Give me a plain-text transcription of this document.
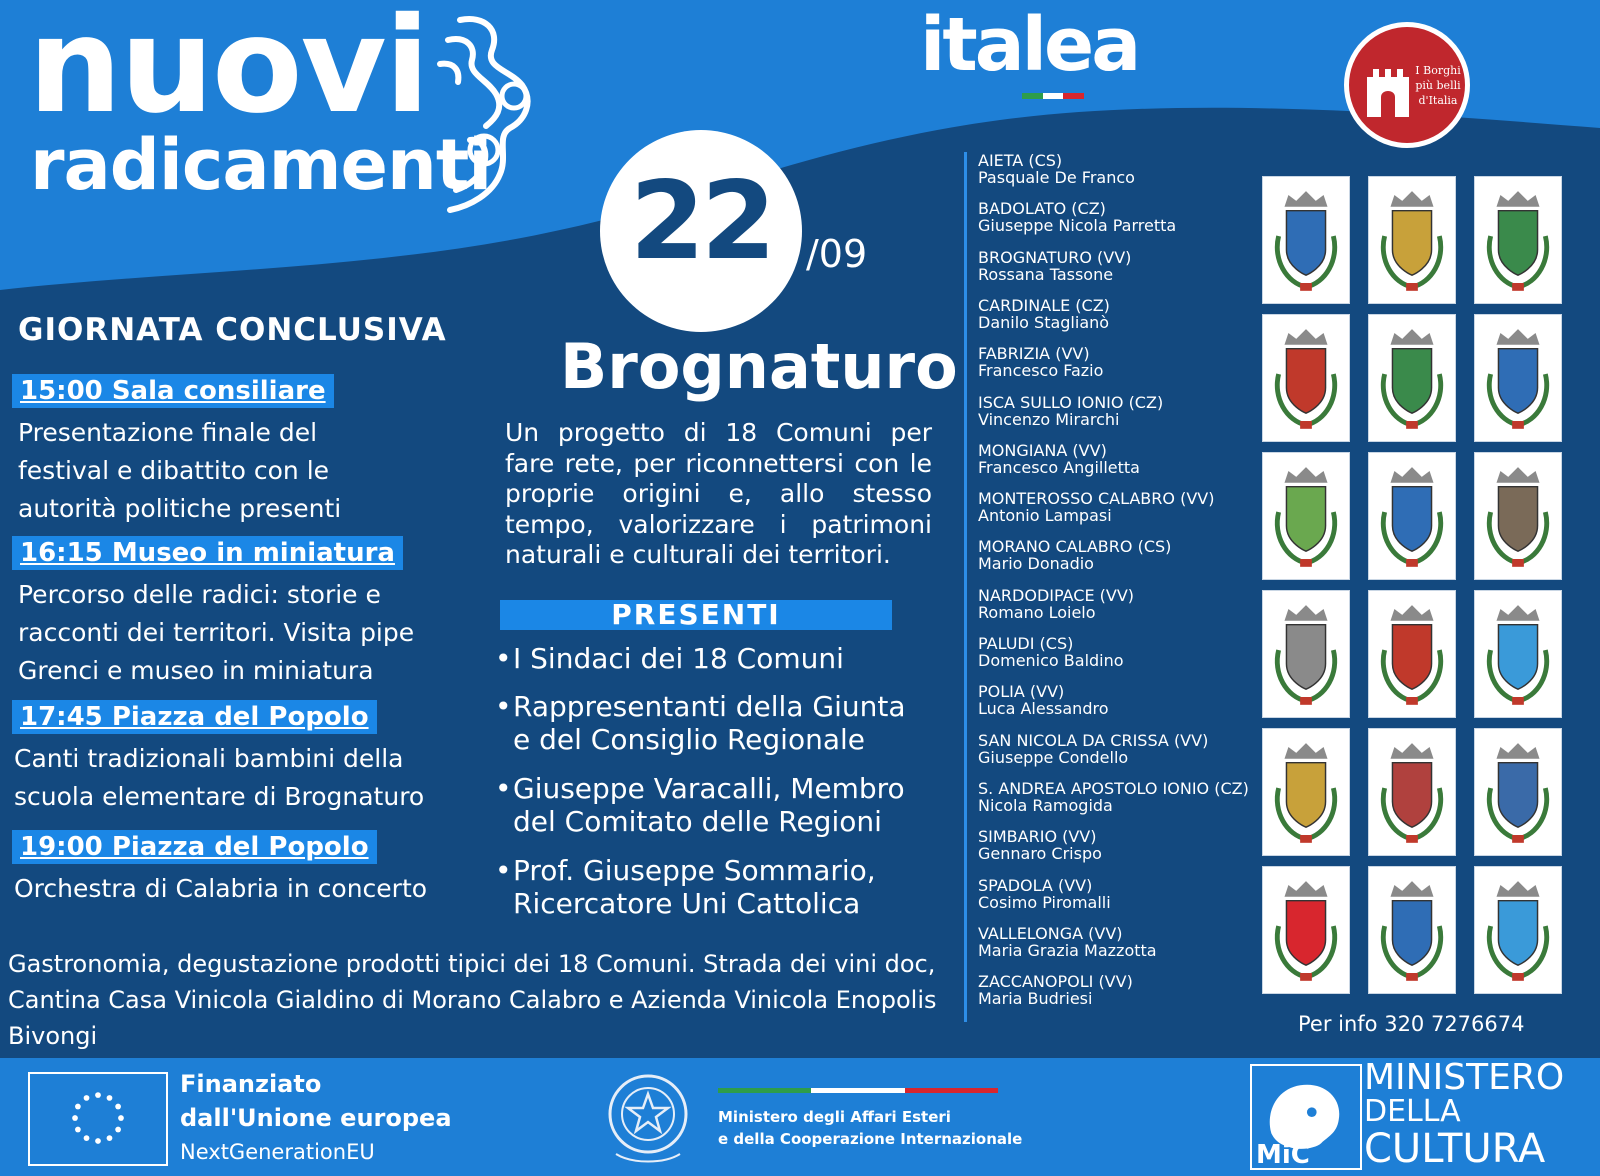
nuovi
radicamenti
italea	I Borghi più belli d'Italia
22 /09
Brognaturo
GIORNATA CONCLUSIVA
15:00 Sala consiliare
Presentazione finale del
festival e dibattito con le
autorità politiche presenti
16:15 Museo in miniatura
Percorso delle radici: storie e
racconti dei territori. Visita pipe
Grenci e museo in miniatura
17:45 Piazza del Popolo
Canti tradizionali bambini della
scuola elementare di Brognaturo
19:00 Piazza del Popolo
Orchestra di Calabria in concerto
Un progetto di 18 Comuni per fare rete, per riconnettersi con le proprie origini e, allo stesso tempo, valorizzare i patrimoni
naturali e culturali dei territori.
PRESENTI
• I Sindaci dei 18 Comuni
• Rappresentanti della Giunta
e del Consiglio Regionale
• Giuseppe Varacalli, Membro
del Comitato delle Regioni
• Prof. Giuseppe Sommario,
Ricercatore Uni Cattolica
Gastronomia, degustazione prodotti tipici dei 18 Comuni. Strada dei vini doc,
Cantina Casa Vinicola Gialdino di Morano Calabro e Azienda Vinicola Enopolis Bivongi
AIETA (CS)
Pasquale De Franco
BADOLATO (CZ)
Giuseppe Nicola Parretta
BROGNATURO (VV)
Rossana Tassone
CARDINALE (CZ)
Danilo Staglianò
FABRIZIA (VV)
Francesco Fazio
ISCA SULLO IONIO (CZ)
Vincenzo Mirarchi
MONGIANA (VV)
Francesco Angilletta
MONTEROSSO CALABRO (VV)
Antonio Lampasi
MORANO CALABRO (CS)
Mario Donadio
NARDODIPACE (VV)
Romano Loielo
PALUDI (CS)
Domenico Baldino
POLIA (VV)
Luca Alessandro
SAN NICOLA DA CRISSA (VV)
Giuseppe Condello
S. ANDREA APOSTOLO IONIO (CZ)
Nicola Ramogida
SIMBARIO (VV)
Gennaro Crispo
SPADOLA (VV)
Cosimo Piromalli
VALLELONGA (VV)
Maria Grazia Mazzotta
ZACCANOPOLI (VV)
Maria Budriesi
Per info 320 7276674
Finanziato
dall'Unione europea
NextGenerationEU
Ministero degli Affari Esteri
e della Cooperazione Internazionale
MiC
MINISTERO
DELLA
CULTURA
